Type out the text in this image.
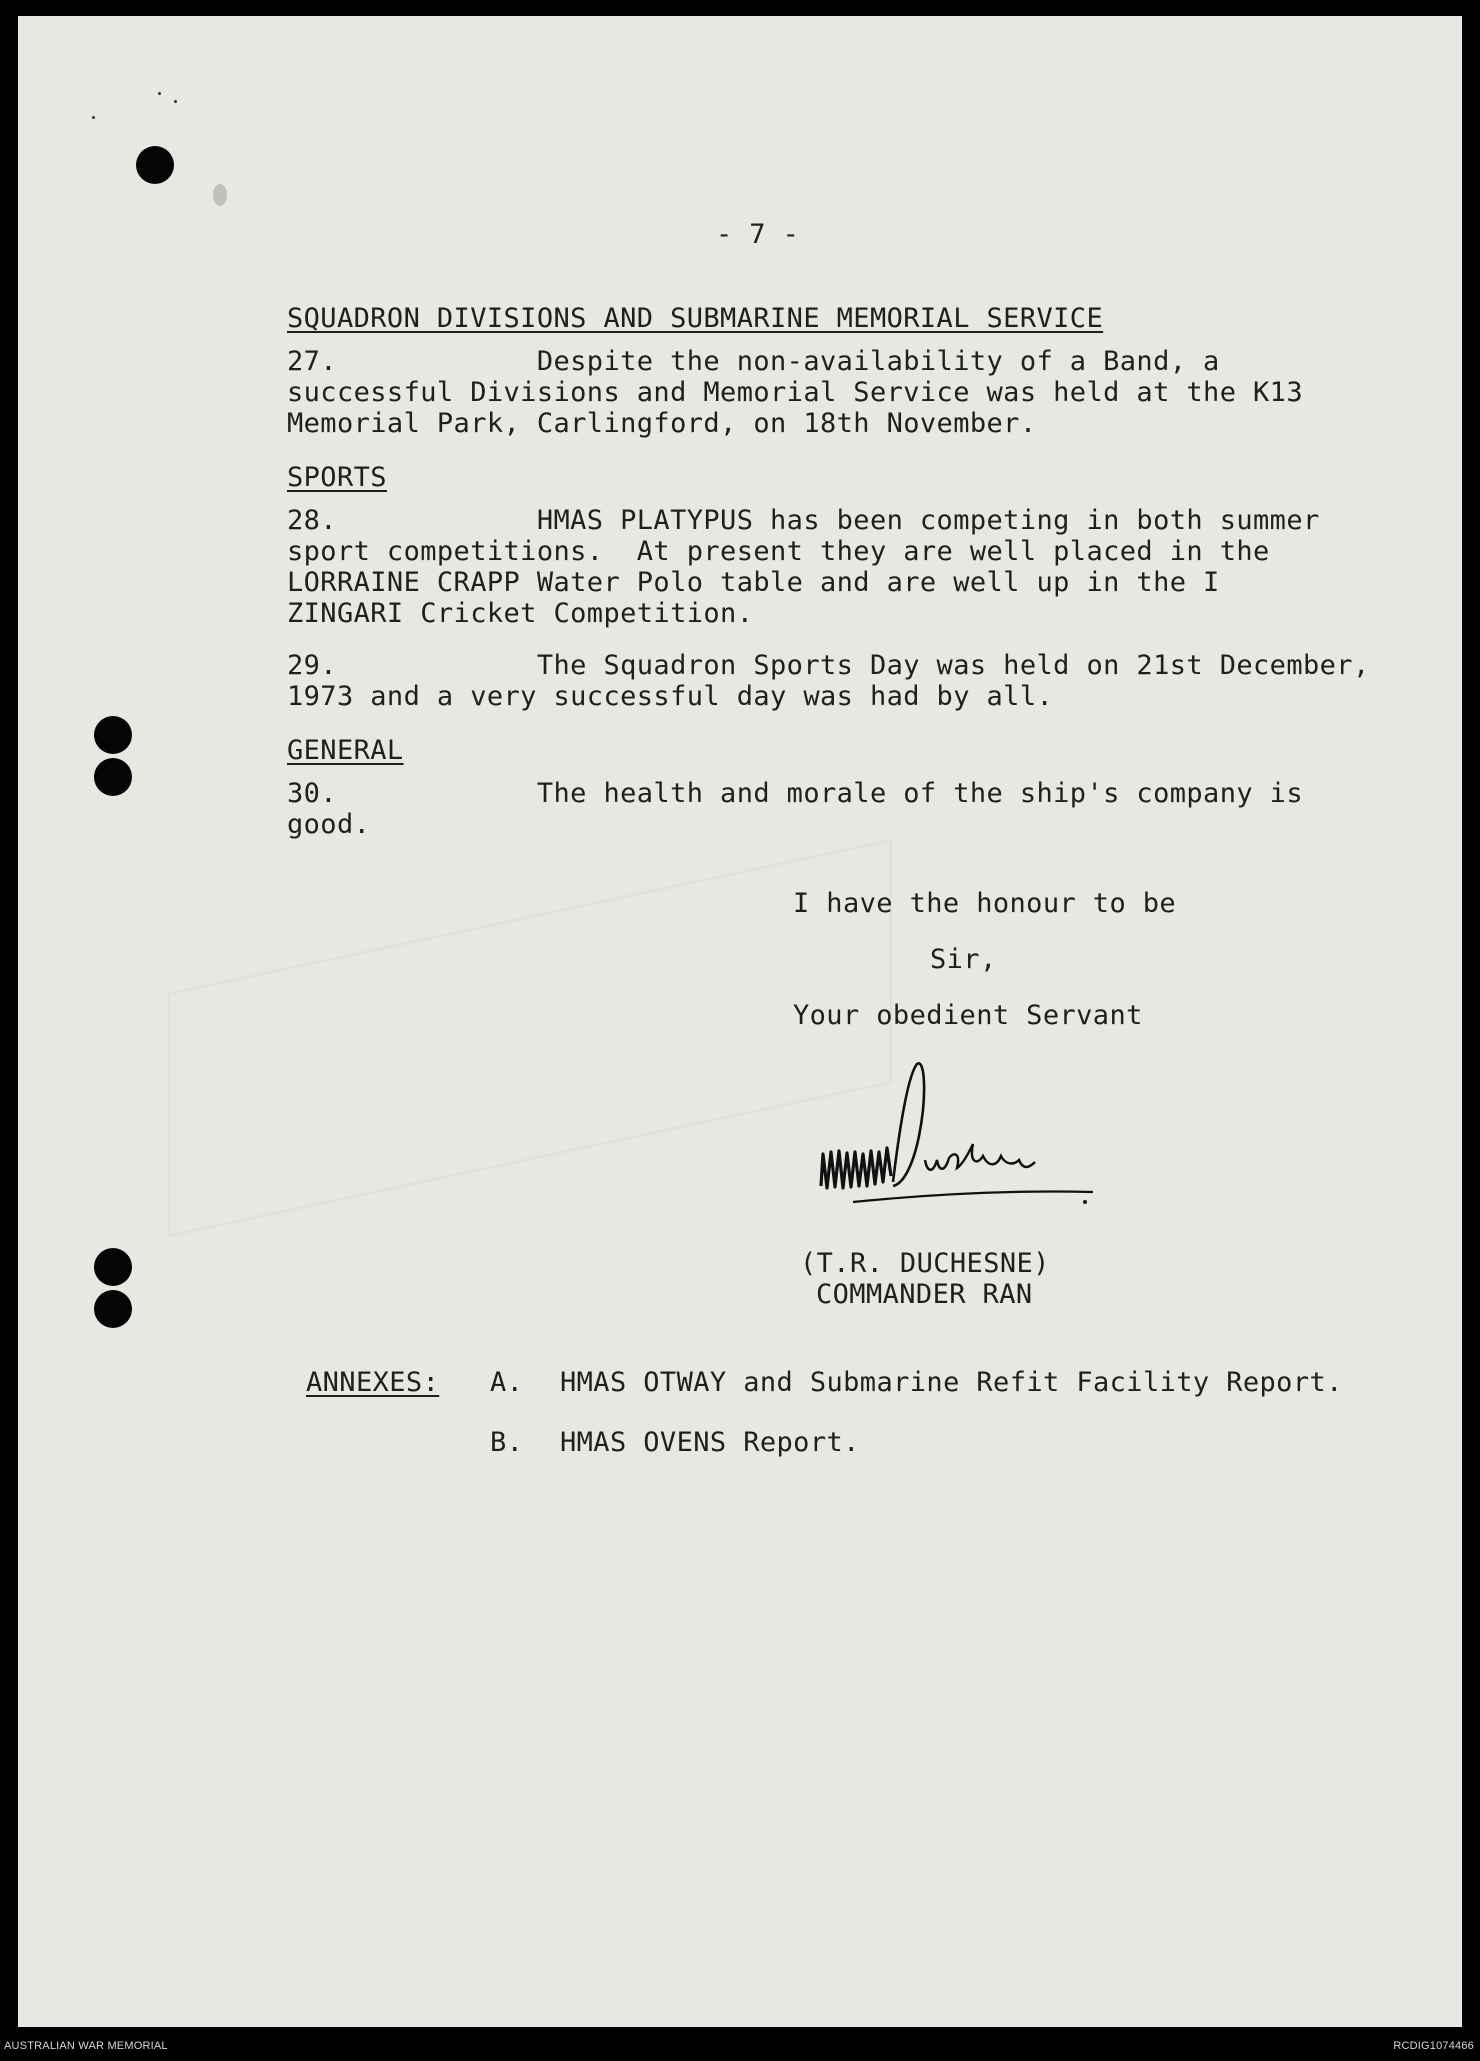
- 7 -
SQUADRON DIVISIONS AND SUBMARINE MEMORIAL SERVICE
27.            Despite the non-availability of a Band, a
successful Divisions and Memorial Service was held at the K13
Memorial Park, Carlingford, on 18th November.
SPORTS
28.            HMAS PLATYPUS has been competing in both summer
sport competitions.  At present they are well placed in the
LORRAINE CRAPP Water Polo table and are well up in the I
ZINGARI Cricket Competition.
29.            The Squadron Sports Day was held on 21st December,
1973 and a very successful day was had by all.
GENERAL
30.            The health and morale of the ship's company is
good.
I have the honour to be
Sir,
Your obedient Servant
(T.R. DUCHESNE)
COMMANDER RAN
ANNEXES: A. HMAS OTWAY and Submarine Refit Facility Report.
B. HMAS OVENS Report.
AUSTRALIAN WAR MEMORIAL	RCDIG1074466
